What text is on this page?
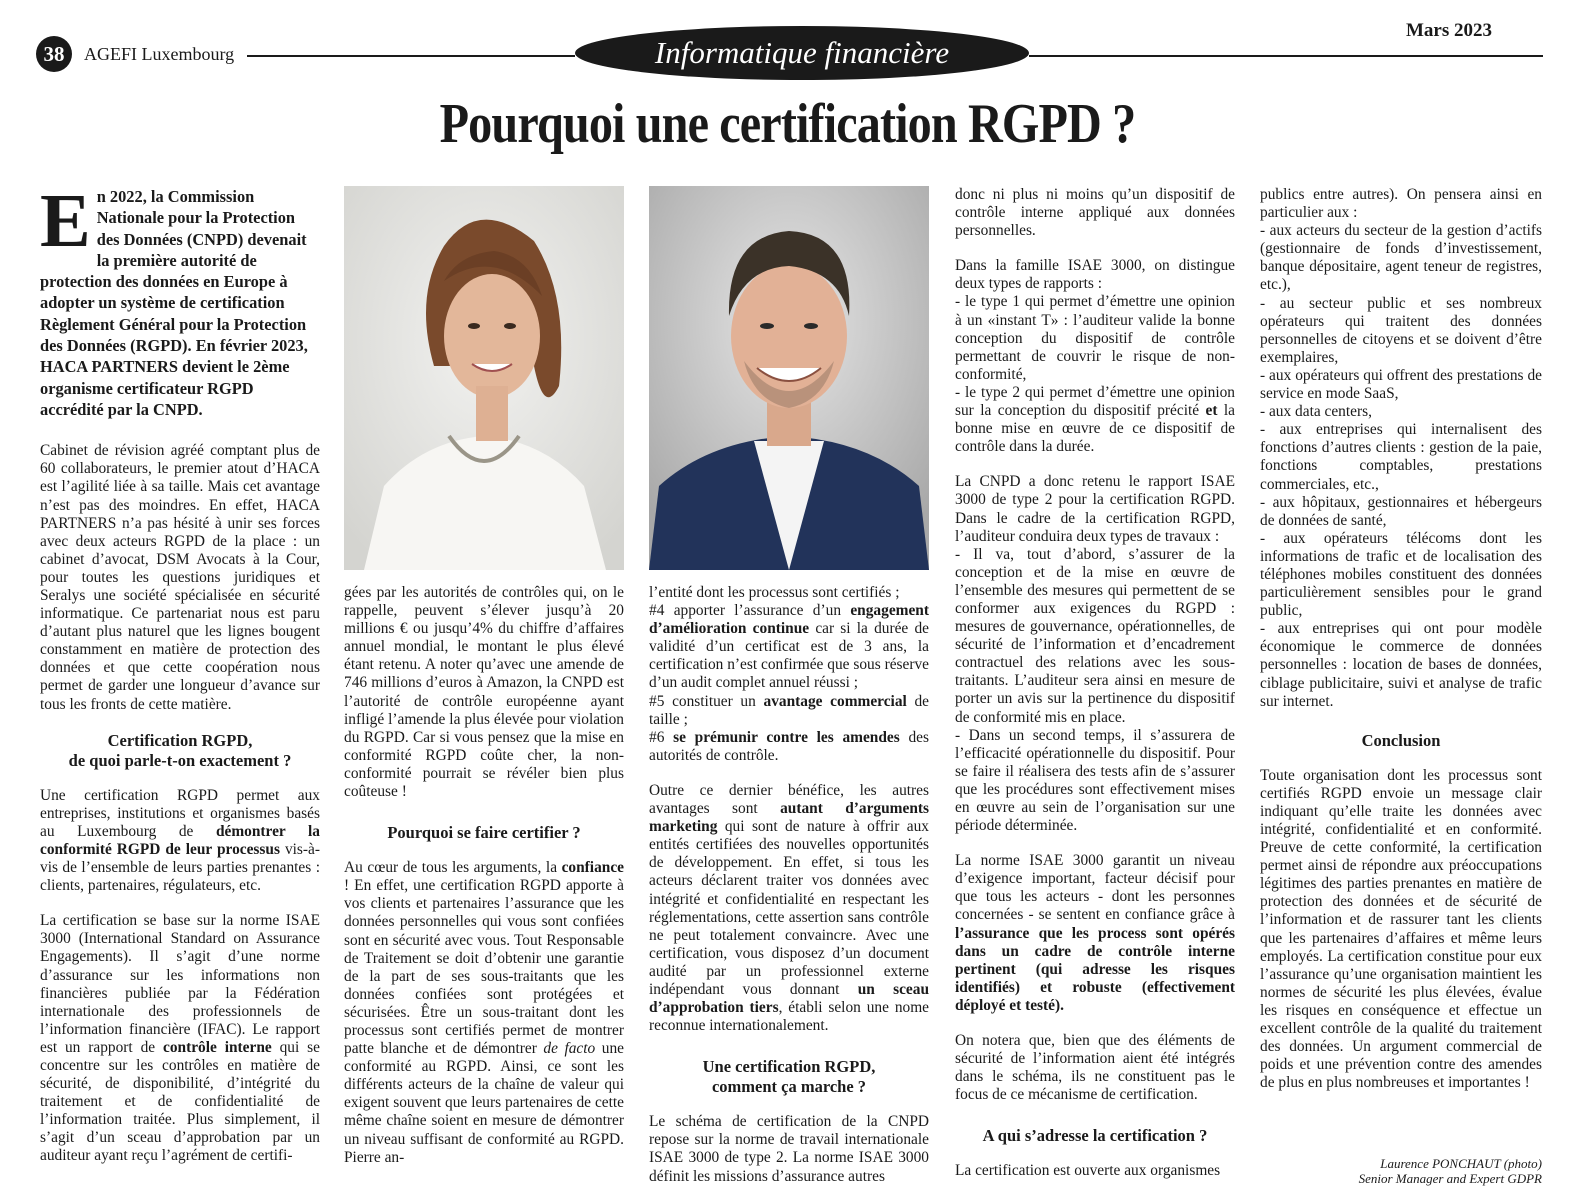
38	AGEFI Luxembourg	Informatique financière
Mars 2023
Pourquoi une certification RGPD ?

En 2022, la Commission Nationale pour la Protection des Données (CNPD) devenait la première autorité de protection des données en Europe à adopter un système de certification Règlement Général pour la Protection des Données (RGPD). En février 2023, HACA PARTNERS devient le 2ème organisme certificateur RGPD accrédité par la CNPD.

Cabinet de révision agréé comptant plus de 60 collaborateurs, le premier atout d’HACA est l’agilité liée à sa taille. Mais cet avantage n’est pas des moindres. En effet, HACA PARTNERS n’a pas hésité à unir ses forces avec deux acteurs RGPD de la place : un cabinet d’avocat, DSM Avocats à la Cour, pour toutes les questions juridiques et Seralys une société spécialisée en sécurité informatique. Ce partenariat nous est paru d’autant plus naturel que les lignes bougent constamment en matière de protection des données et que cette coopération nous permet de garder une longueur d’avance sur tous les fronts de cette matière.

Certification RGPD,
de quoi parle-t-on exactement ?

Une certification RGPD permet aux entreprises, institutions et organismes basés au Luxembourg de démontrer la conformité RGPD de leur processus vis-à-vis de l’ensemble de leurs parties prenantes : clients, partenaires, régulateurs, etc.

La certification se base sur la norme ISAE 3000 (International Standard on Assurance Engagements). Il s’agit d’une norme d’assurance sur les informations non financières publiée par la Fédération internationale des professionnels de l’information financière (IFAC). Le rapport est un rapport de contrôle interne qui se concentre sur les contrôles en matière de sécurité, de disponibilité, d’intégrité du traitement et de confidentialité de l’information traitée. Plus simplement, il s’agit d’un sceau d’approbation par un auditeur ayant reçu l’agrément de certifi-

gées par les autorités de contrôles qui, on le rappelle, peuvent s’élever jusqu’à 20 millions € ou jusqu’4% du chiffre d’affaires annuel mondial, le montant le plus élevé étant retenu. A noter qu’avec une amende de 746 millions d’euros à Amazon, la CNPD est l’autorité de contrôle européenne ayant infligé l’amende la plus élevée pour violation du RGPD. Car si vous pensez que la mise en conformité RGPD coûte cher, la non-conformité pourrait se révéler bien plus coûteuse !

Pourquoi se faire certifier ?

Au cœur de tous les arguments, la confiance ! En effet, une certification RGPD apporte à vos clients et partenaires l’assurance que les données personnelles qui vous sont confiées sont en sécurité avec vous. Tout Responsable de Traitement se doit d’obtenir une garantie de la part de ses sous-traitants que les données confiées sont protégées et sécurisées. Être un sous-traitant dont les processus sont certifiés permet de montrer patte blanche et de démontrer de facto une conformité au RGPD. Ainsi, ce sont les différents acteurs de la chaîne de valeur qui exigent souvent que leurs partenaires de cette même chaîne soient en mesure de démontrer un niveau suffisant de conformité au RGPD. Pierre an-

l’entité dont les processus sont certifiés ;

#4 apporter l’assurance d’un engagement d’amélioration continue car si la durée de validité d’un certificat est de 3 ans, la certification n’est confirmée que sous réserve d’un audit complet annuel réussi ;

#5 constituer un avantage commercial de taille ;

#6 se prémunir contre les amendes des autorités de contrôle.

Outre ce dernier bénéfice, les autres avantages sont autant d’arguments marketing qui sont de nature à offrir aux entités certifiées des nouvelles opportunités de développement. En effet, si tous les acteurs déclarent traiter vos données avec intégrité et confidentialité en respectant les réglementations, cette assertion sans contrôle ne peut totalement convaincre. Avec une certification, vous disposez d’un document audité par un professionnel externe indépendant vous donnant un sceau d’approbation tiers, établi selon une nome reconnue internationalement.

Une certification RGPD,
comment ça marche ?

Le schéma de certification de la CNPD repose sur la norme de travail internationale ISAE 3000 de type 2. La norme ISAE 3000 définit les missions d’assurance autres

donc ni plus ni moins qu’un dispositif de contrôle interne appliqué aux données personnelles.

Dans la famille ISAE 3000, on distingue deux types de rapports :

- le type 1 qui permet d’émettre une opinion à un «instant T» : l’auditeur valide la bonne conception du dispositif de contrôle permettant de couvrir le risque de non-conformité,

- le type 2 qui permet d’émettre une opinion sur la conception du dispositif précité et la bonne mise en œuvre de ce dispositif de contrôle dans la durée.

La CNPD a donc retenu le rapport ISAE 3000 de type 2 pour la certification RGPD. Dans le cadre de la certification RGPD, l’auditeur conduira deux types de travaux :

- Il va, tout d’abord, s’assurer de la conception et de la mise en œuvre de l’ensemble des mesures qui permettent de se conformer aux exigences du RGPD : mesures de gouvernance, opérationnelles, de sécurité de l’information et d’encadrement contractuel des relations avec les sous-traitants. L’auditeur sera ainsi en mesure de porter un avis sur la pertinence du dispositif de conformité mis en place.

- Dans un second temps, il s’assurera de l’efficacité opérationnelle du dispositif. Pour se faire il réalisera des tests afin de s’assurer que les procédures sont effectivement mises en œuvre au sein de l’organisation sur une période déterminée.

La norme ISAE 3000 garantit un niveau d’exigence important, facteur décisif pour que tous les acteurs - dont les personnes concernées - se sentent en confiance grâce à l’assurance que les process sont opérés dans un cadre de contrôle interne pertinent (qui adresse les risques identifiés) et robuste (effectivement déployé et testé).

On notera que, bien que des éléments de sécurité de l’information aient été intégrés dans le schéma, ils ne constituent pas le focus de ce mécanisme de certification.

A qui s’adresse la certification ?

La certification est ouverte aux organismes

publics entre autres). On pensera ainsi en particulier aux :

- aux acteurs du secteur de la gestion d’actifs (gestionnaire de fonds d’investissement, banque dépositaire, agent teneur de registres, etc.),

- au secteur public et ses nombreux opérateurs qui traitent des données personnelles de citoyens et se doivent d’être exemplaires,

- aux opérateurs qui offrent des prestations de service en mode SaaS,

- aux data centers,

- aux entreprises qui internalisent des fonctions d’autres clients : gestion de la paie, fonctions comptables, prestations commerciales, etc.,

- aux hôpitaux, gestionnaires et hébergeurs de données de santé,

- aux opérateurs télécoms dont les informations de trafic et de localisation des téléphones mobiles constituent des données particulièrement sensibles pour le grand public,

- aux entreprises qui ont pour modèle économique le commerce de données personnelles : location de bases de données, ciblage publicitaire, suivi et analyse de trafic sur internet.

Conclusion

Toute organisation dont les processus sont certifiés RGPD envoie un message clair indiquant qu’elle traite les données avec intégrité, confidentialité et en conformité. Preuve de cette conformité, la certification permet ainsi de répondre aux préoccupations légitimes des parties prenantes en matière de protection des données et de sécurité de l’information et de rassurer tant les clients que les partenaires d’affaires et même leurs employés. La certification constitue pour eux l’assurance qu’une organisation maintient les normes de sécurité les plus élevées, évalue les risques en conséquence et effectue un excellent contrôle de la qualité du traitement des données. Un argument commercial de poids et une prévention contre des amendes de plus en plus nombreuses et importantes !

Laurence PONCHAUT (photo)
Senior Manager and Expert GDPR
